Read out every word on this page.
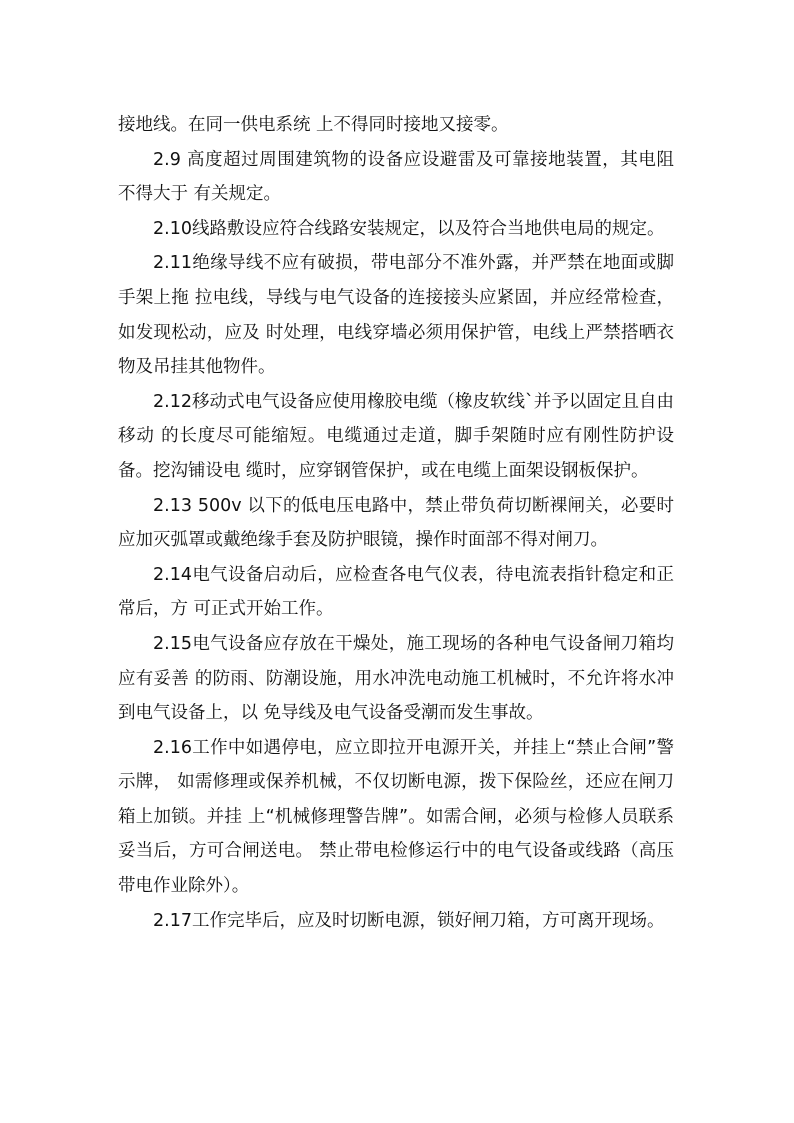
接地线。在同一供电系统 上不得同时接地又接零。

2.9 高度超过周围建筑物的设备应设避雷及可靠接地装置，其电阻不得大于 有关规定。

2.10线路敷设应符合线路安装规定，以及符合当地供电局的规定。

2.11绝缘导线不应有破损，带电部分不准外露，并严禁在地面或脚手架上拖 拉电线，导线与电气设备的连接接头应紧固，并应经常检查，如发现松动，应及 时处理，电线穿墙必须用保护管，电线上严禁搭晒衣物及吊挂其他物件。

2.12移动式电气设备应使用橡胶电缆（橡皮软线`并予以固定且自由移动 的长度尽可能缩短。电缆通过走道，脚手架随时应有刚性防护设备。挖沟铺设电 缆时，应穿钢管保护，或在电缆上面架设钢板保护。

2.13 500v 以下的低电压电路中，禁止带负荷切断裸闸关，必要时应加灭弧罩或戴绝缘手套及防护眼镜，操作时面部不得对闸刀。

2.14电气设备启动后，应检查各电气仪表，待电流表指针稳定和正常后，方 可正式开始工作。

2.15电气设备应存放在干燥处，施工现场的各种电气设备闸刀箱均应有妥善 的防雨、防潮设施，用水冲洗电动施工机械时，不允许将水冲到电气设备上，以 免导线及电气设备受潮而发生事故。

2.16工作中如遇停电，应立即拉开电源开关，并挂上“禁止合闸”警示牌， 如需修理或保养机械，不仅切断电源，拨下保险丝，还应在闸刀箱上加锁。并挂 上“机械修理警告牌”。如需合闸，必须与检修人员联系妥当后，方可合闸送电。 禁止带电检修运行中的电气设备或线路（高压带电作业除外）。

2.17工作完毕后，应及时切断电源，锁好闸刀箱，方可离开现场。
